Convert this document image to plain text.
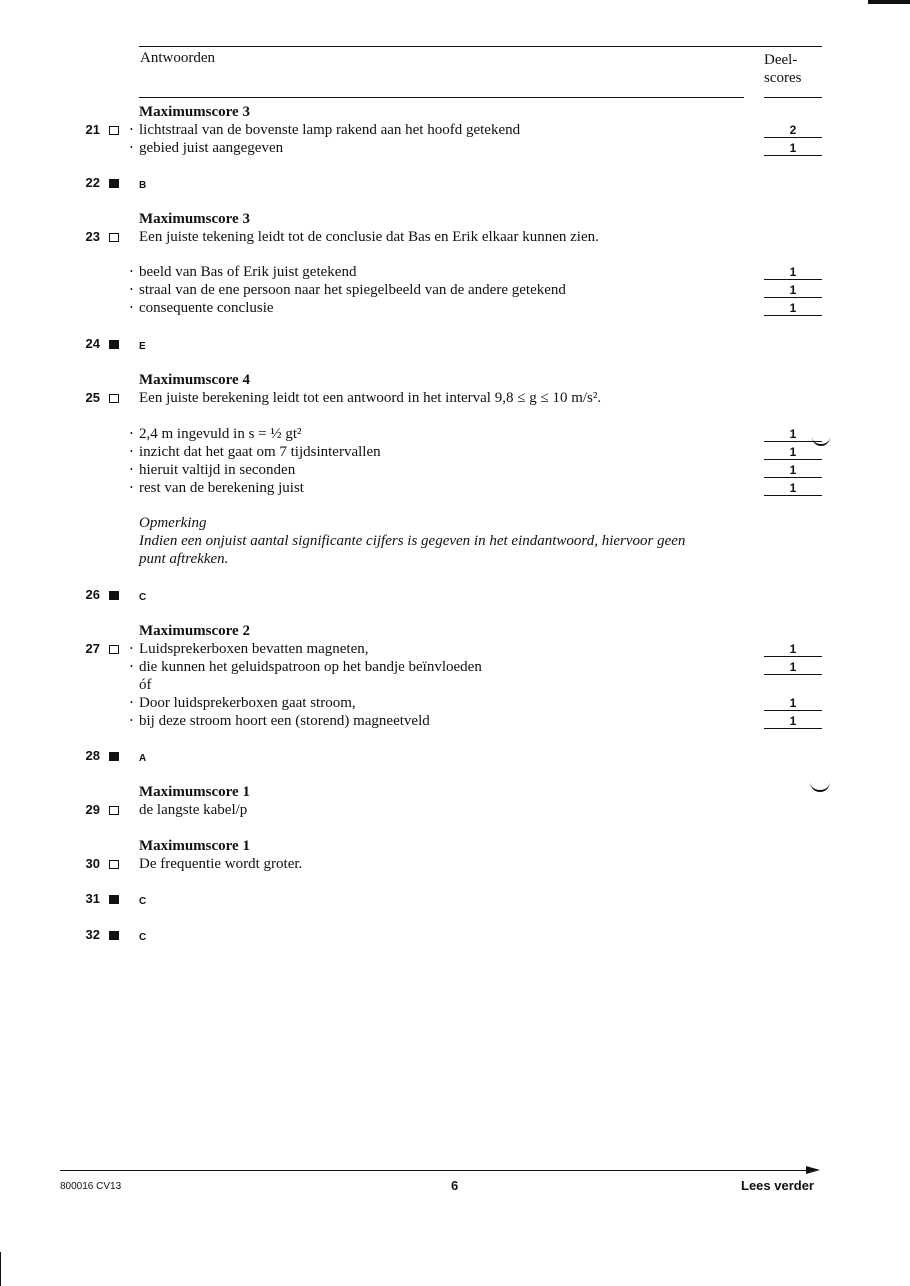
Antwoorden	Deel-
scores
Maximumscore 3
21	• lichtstraal van de bovenste lamp rakend aan het hoofd getekend	2
• gebied juist aangegeven	1
22	B
Maximumscore 3
23	Een juiste tekening leidt tot de conclusie dat Bas en Erik elkaar kunnen zien.
• beeld van Bas of Erik juist getekend	1
• straal van de ene persoon naar het spiegelbeeld van de andere getekend	1
• consequente conclusie	1
24	E
Maximumscore 4
25	Een juiste berekening leidt tot een antwoord in het interval 9,8 ≤ g ≤ 10 m/s².
• 2,4 m ingevuld in s = ½ gt²	1
• inzicht dat het gaat om 7 tijdsintervallen	1
• hieruit valtijd in seconden	1
• rest van de berekening juist	1
Opmerking
Indien een onjuist aantal significante cijfers is gegeven in het eindantwoord, hiervoor geen
punt aftrekken.
26	C
Maximumscore 2
27	• Luidsprekerboxen bevatten magneten,	1
• die kunnen het geluidspatroon op het bandje beïnvloeden	1
óf
• Door luidsprekerboxen gaat stroom,	1
• bij deze stroom hoort een (storend) magneetveld	1
28	A
Maximumscore 1
29	de langste kabel/p
Maximumscore 1
30	De frequentie wordt groter.
31	C
32	C
800016 CV13	6	Lees verder
